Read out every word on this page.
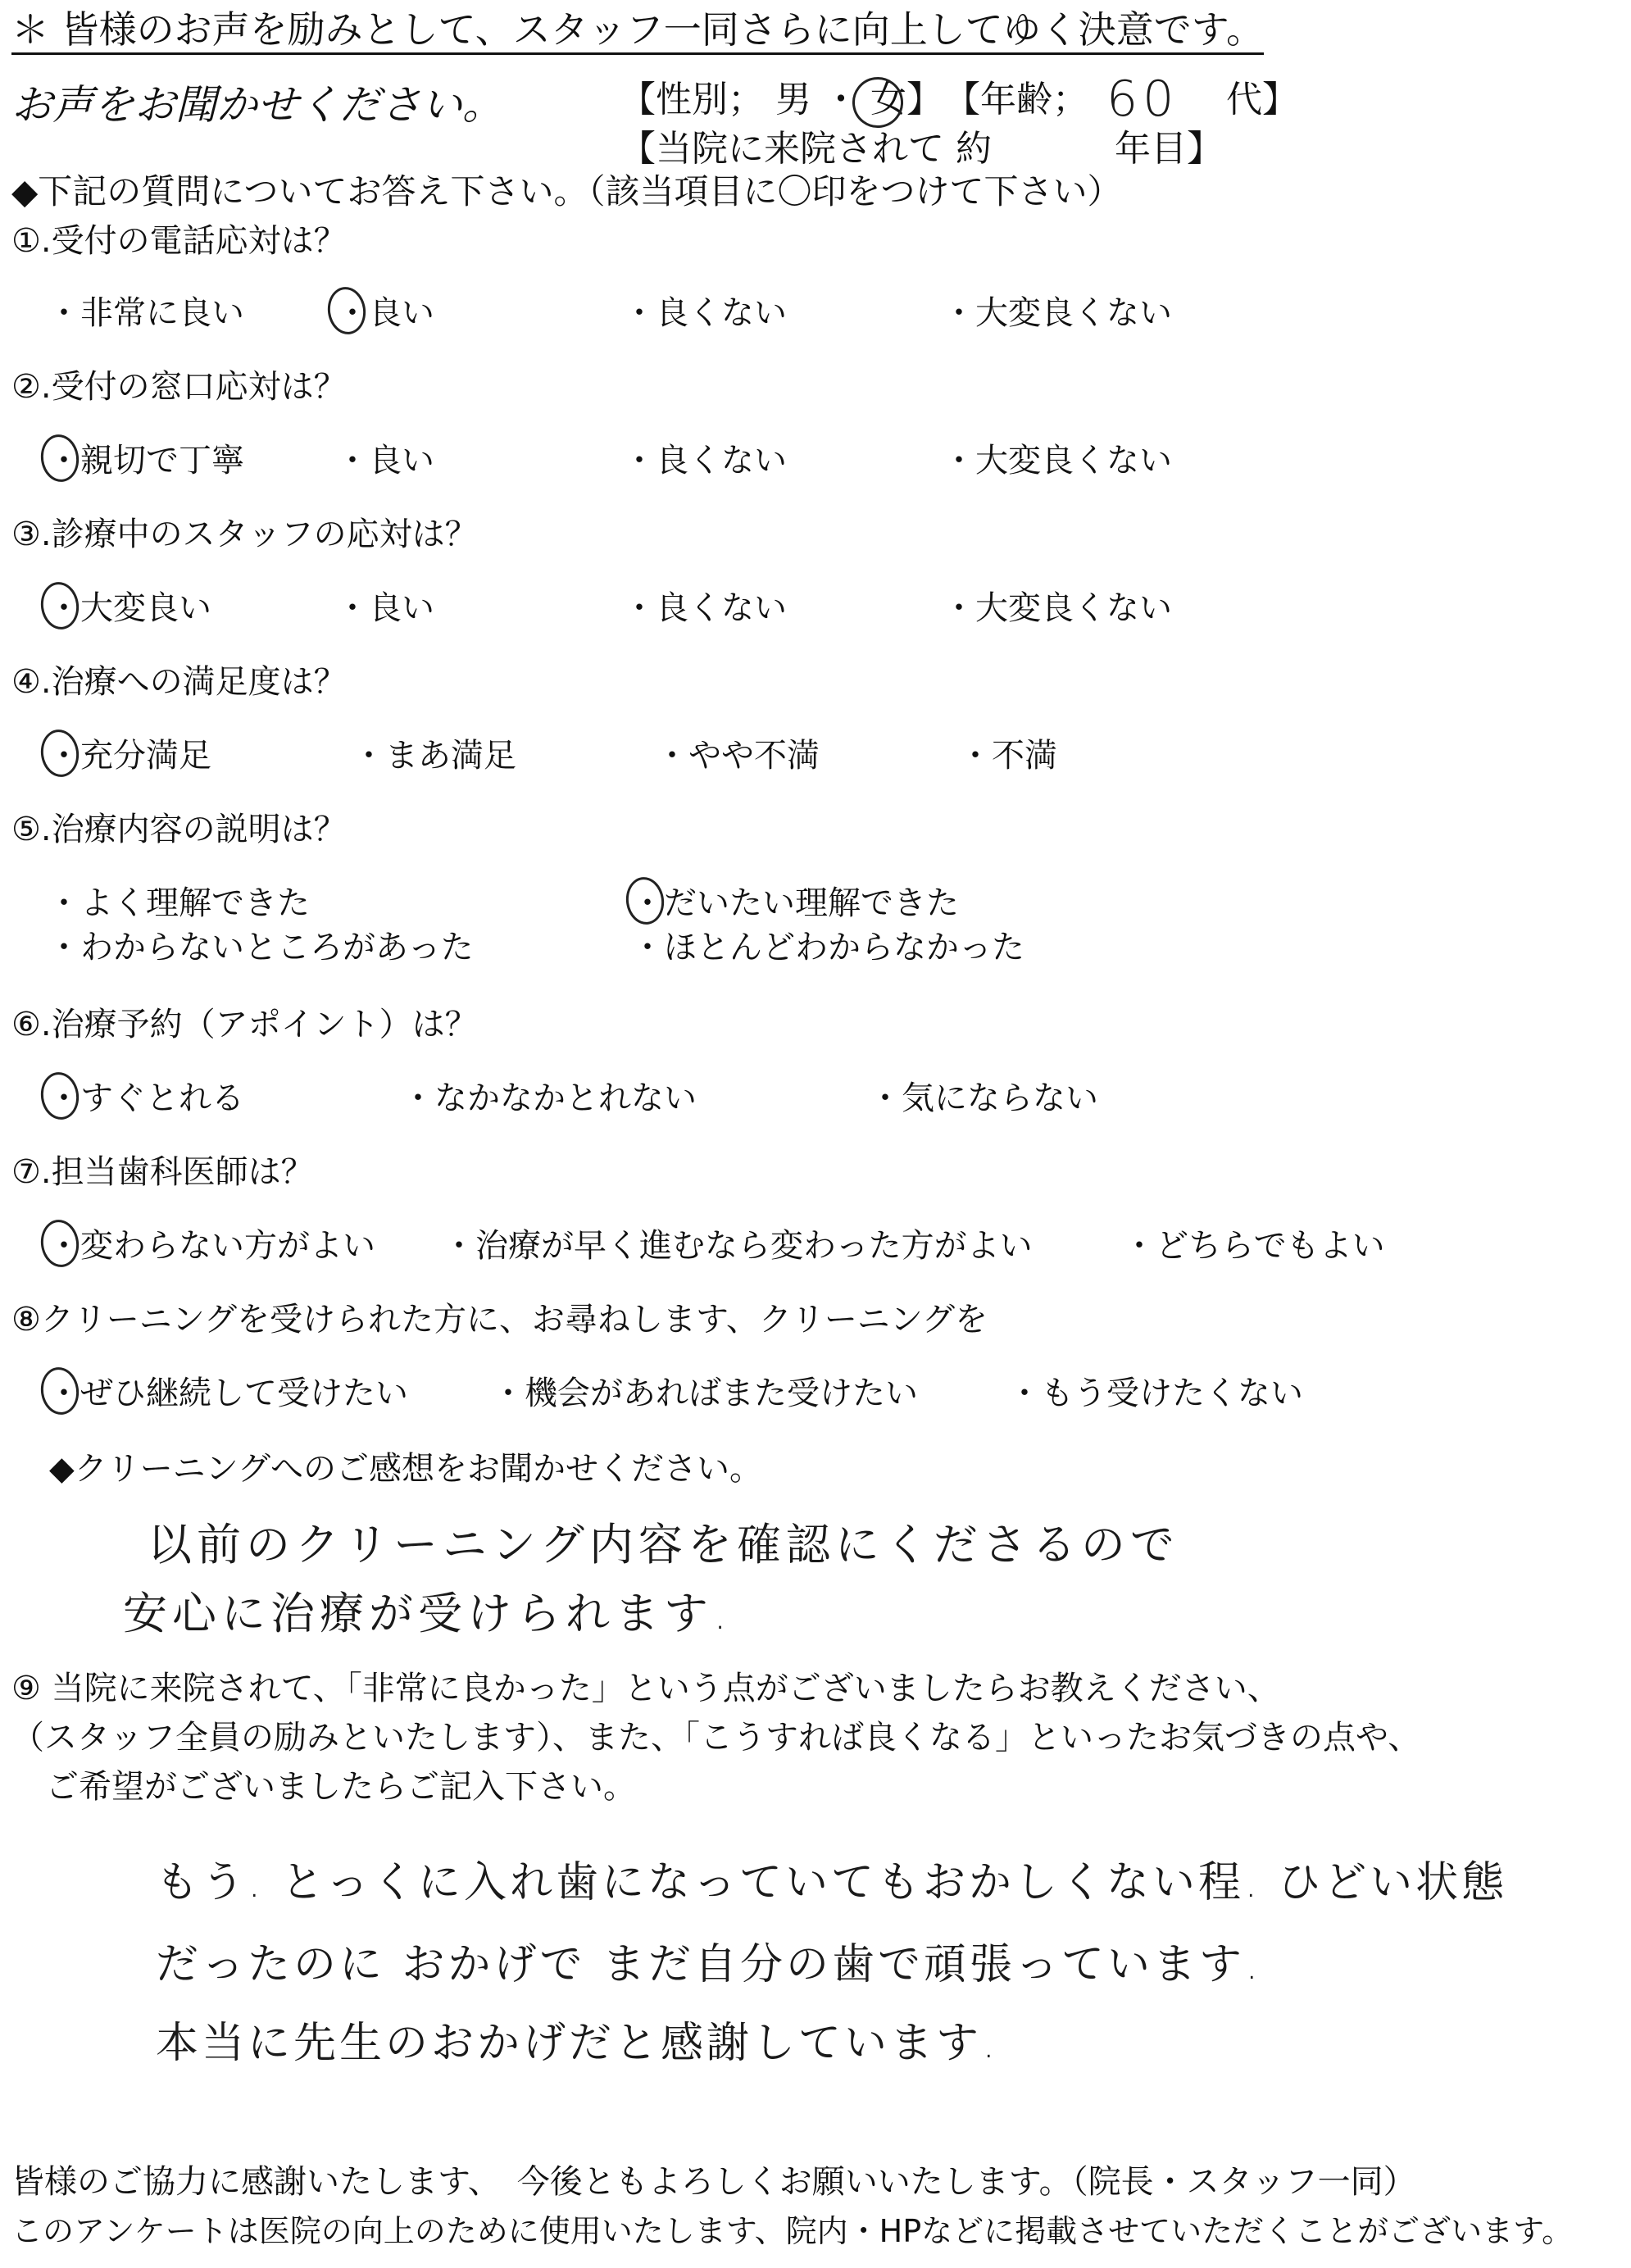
＊ 皆様のお声を励みとして、スタッフ一同さらに向上してゆく決意です。
お声をお聞かせください。	【性別； 男 ・ 女】 【年齢； 60 代】
【当院に来院されて 約	年目】
◆下記の質問についてお答え下さい。（該当項目に〇印をつけて下さい）
①.受付の電話応対は？
・非常に良い	・良い	・良くない	・大変良くない
②.受付の窓口応対は？
・親切で丁寧	・良い	・良くない	・大変良くない
③.診療中のスタッフの応対は？
・大変良い	・良い	・良くない	・大変良くない
④.治療への満足度は？
・充分満足	・まあ満足	・やや不満	・不満
⑤.治療内容の説明は？
・よく理解できた	・だいたい理解できた
・わからないところがあった	・ほとんどわからなかった
⑥.治療予約（アポイント）は？
・すぐとれる	・なかなかとれない	・気にならない
⑦.担当歯科医師は？
・変わらない方がよい ・治療が早く進むなら変わった方がよい	・どちらでもよい
⑧クリーニングを受けられた方に、お尋ねします、クリーニングを
・ぜひ継続して受けたい	・機会があればまた受けたい	・もう受けたくない
◆クリーニングへのご感想をお聞かせください。
以前のクリーニング内容を確認にくださるので
安心に治療が受けられます.
⑨ 当院に来院されて、「非常に良かった」という点がございましたらお教えください、
（スタッフ全員の励みといたします）、また、「こうすれば良くなる」といったお気づきの点や、
ご希望がございましたらご記入下さい。
もう. とっくに入れ歯になっていてもおかしくない程. ひどい状態
だったのに おかげで まだ自分の歯で頑張っています.
本当に先生のおかげだと感謝しています.
皆様のご協力に感謝いたします、　今後ともよろしくお願いいたします。（院長・スタッフ一同）
このアンケートは医院の向上のために使用いたします、院内・HPなどに掲載させていただくことがございます。
